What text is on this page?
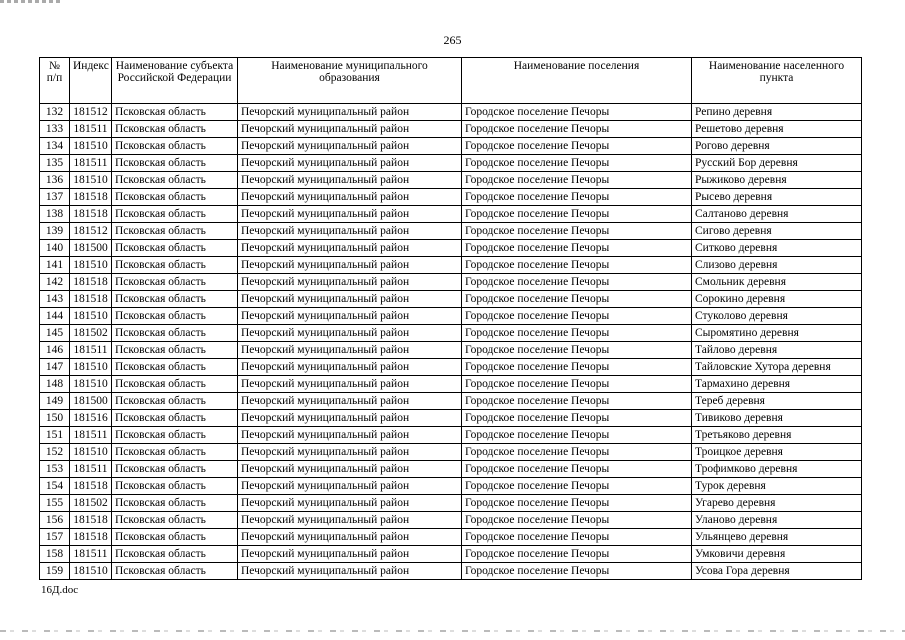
265
№ п/п	Индекс	Наименование субъекта Российской Федерации	Наименование муниципального образования	Наименование поселения	Наименование населенного пункта
132	181512	Псковская область	Печорский муниципальный район	Городское поселение Печоры	Репино деревня
133	181511	Псковская область	Печорский муниципальный район	Городское поселение Печоры	Решетово деревня
134	181510	Псковская область	Печорский муниципальный район	Городское поселение Печоры	Рогово деревня
135	181511	Псковская область	Печорский муниципальный район	Городское поселение Печоры	Русский Бор деревня
136	181510	Псковская область	Печорский муниципальный район	Городское поселение Печоры	Рыжиково деревня
137	181518	Псковская область	Печорский муниципальный район	Городское поселение Печоры	Рысево деревня
138	181518	Псковская область	Печорский муниципальный район	Городское поселение Печоры	Салтаново деревня
139	181512	Псковская область	Печорский муниципальный район	Городское поселение Печоры	Сигово деревня
140	181500	Псковская область	Печорский муниципальный район	Городское поселение Печоры	Ситково деревня
141	181510	Псковская область	Печорский муниципальный район	Городское поселение Печоры	Слизово деревня
142	181518	Псковская область	Печорский муниципальный район	Городское поселение Печоры	Смольник деревня
143	181518	Псковская область	Печорский муниципальный район	Городское поселение Печоры	Сорокино деревня
144	181510	Псковская область	Печорский муниципальный район	Городское поселение Печоры	Стуколово деревня
145	181502	Псковская область	Печорский муниципальный район	Городское поселение Печоры	Сыромятино деревня
146	181511	Псковская область	Печорский муниципальный район	Городское поселение Печоры	Тайлово деревня
147	181510	Псковская область	Печорский муниципальный район	Городское поселение Печоры	Тайловские Хутора деревня
148	181510	Псковская область	Печорский муниципальный район	Городское поселение Печоры	Тармахино деревня
149	181500	Псковская область	Печорский муниципальный район	Городское поселение Печоры	Тереб деревня
150	181516	Псковская область	Печорский муниципальный район	Городское поселение Печоры	Тивиково деревня
151	181511	Псковская область	Печорский муниципальный район	Городское поселение Печоры	Третьяково деревня
152	181510	Псковская область	Печорский муниципальный район	Городское поселение Печоры	Троицкое деревня
153	181511	Псковская область	Печорский муниципальный район	Городское поселение Печоры	Трофимково деревня
154	181518	Псковская область	Печорский муниципальный район	Городское поселение Печоры	Турок деревня
155	181502	Псковская область	Печорский муниципальный район	Городское поселение Печоры	Угарево деревня
156	181518	Псковская область	Печорский муниципальный район	Городское поселение Печоры	Уланово деревня
157	181518	Псковская область	Печорский муниципальный район	Городское поселение Печоры	Ульянцево деревня
158	181511	Псковская область	Печорский муниципальный район	Городское поселение Печоры	Умковичи деревня
159	181510	Псковская область	Печорский муниципальный район	Городское поселение Печоры	Усова Гора деревня
16Д.doc
